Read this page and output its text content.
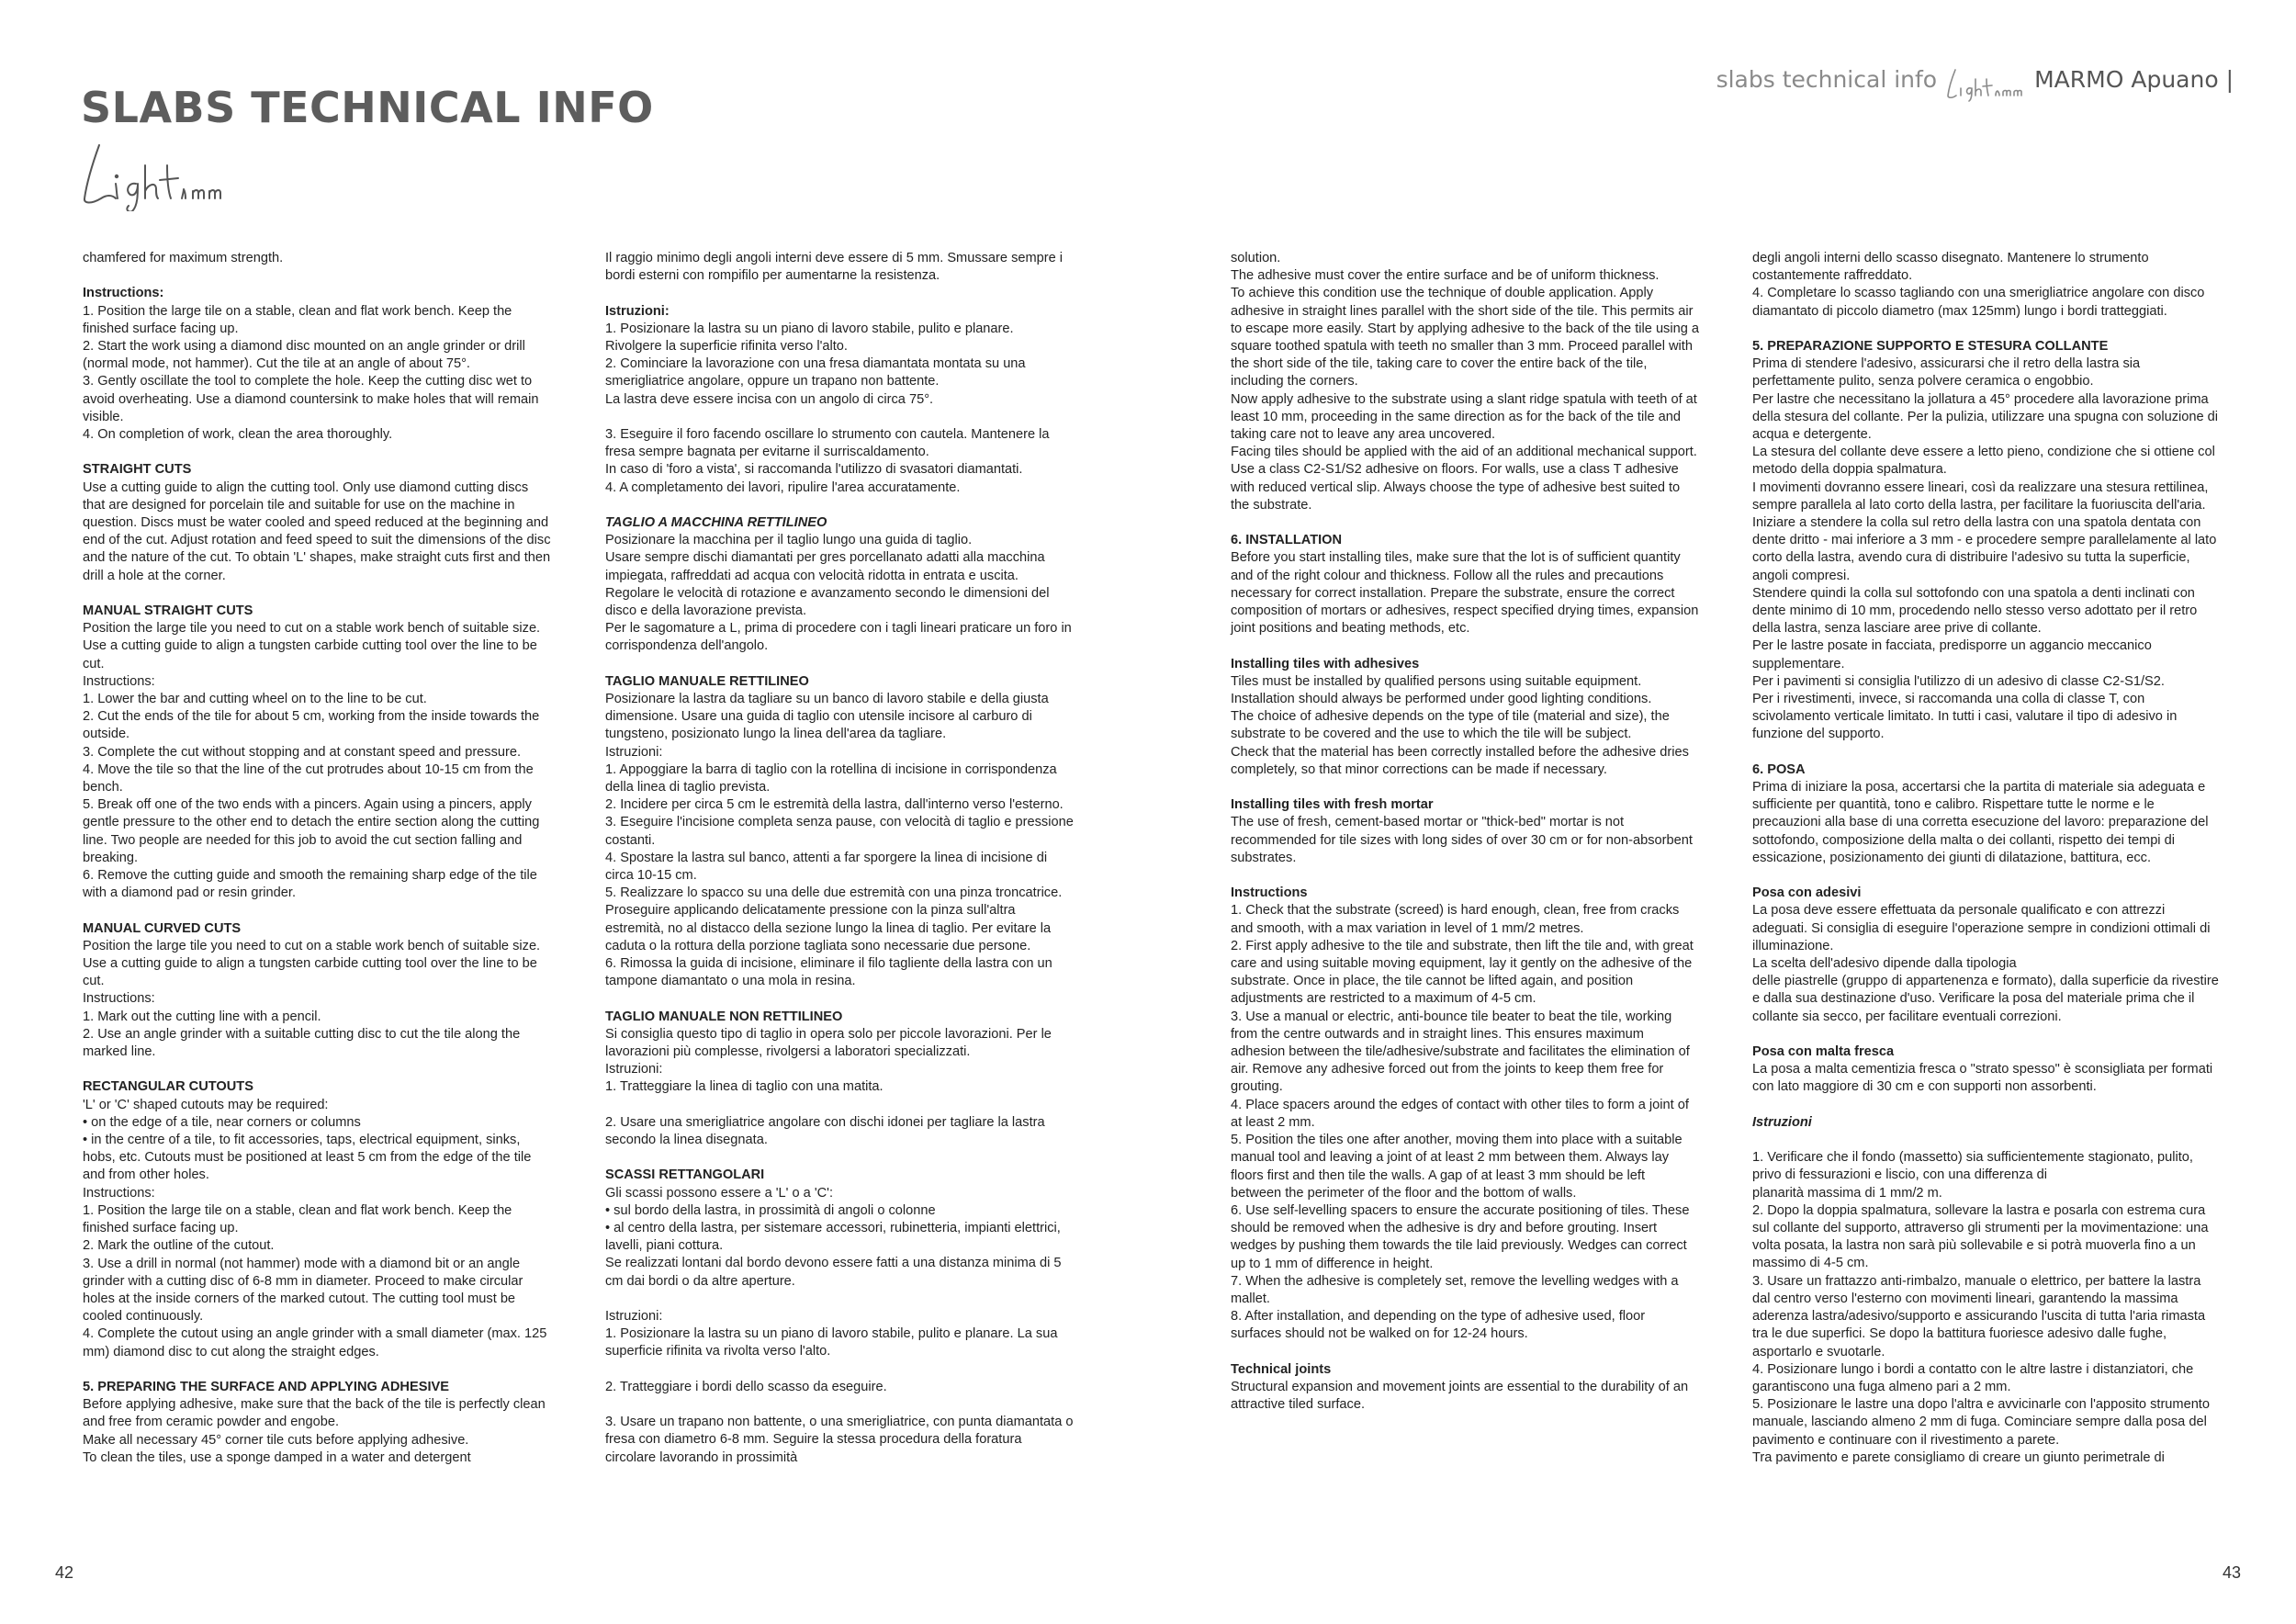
SLABS TECHNICAL INFO
slabs technical info	MARMO Apuano |

chamfered for maximum strength.

Instructions:
1. Position the large tile on a stable, clean and flat work bench. Keep the finished surface facing up.
2. Start the work using a diamond disc mounted on an angle grinder or drill (normal mode, not hammer). Cut the tile at an angle of about 75°.
3. Gently oscillate the tool to complete the hole. Keep the cutting disc wet to avoid overheating. Use a diamond countersink to make holes that will remain visible.
4. On completion of work, clean the area thoroughly.

STRAIGHT CUTS
Use a cutting guide to align the cutting tool. Only use diamond cutting discs that are designed for porcelain tile and suitable for use on the machine in question. Discs must be water cooled and speed reduced at the beginning and end of the cut. Adjust rotation and feed speed to suit the dimensions of the disc and the nature of the cut. To obtain 'L' shapes, make straight cuts first and then drill a hole at the corner.

MANUAL STRAIGHT CUTS
Position the large tile you need to cut on a stable work bench of suitable size.
Use a cutting guide to align a tungsten carbide cutting tool over the line to be cut.
Instructions:
1. Lower the bar and cutting wheel on to the line to be cut.
2. Cut the ends of the tile for about 5 cm, working from the inside towards the outside.
3. Complete the cut without stopping and at constant speed and pressure.
4. Move the tile so that the line of the cut protrudes about 10-15 cm from the bench.
5. Break off one of the two ends with a pincers. Again using a pincers, apply gentle pressure to the other end to detach the entire section along the cutting line. Two people are needed for this job to avoid the cut section falling and breaking.
6. Remove the cutting guide and smooth the remaining sharp edge of the tile with a diamond pad or resin grinder.

MANUAL CURVED CUTS
Position the large tile you need to cut on a stable work bench of suitable size.
Use a cutting guide to align a tungsten carbide cutting tool over the line to be cut.
Instructions:
1. Mark out the cutting line with a pencil.
2. Use an angle grinder with a suitable cutting disc to cut the tile along the marked line.

RECTANGULAR CUTOUTS
'L' or 'C' shaped cutouts may be required:
• on the edge of a tile, near corners or columns
• in the centre of a tile, to fit accessories, taps, electrical equipment, sinks, hobs, etc. Cutouts must be positioned at least 5 cm from the edge of the tile and from other holes.
Instructions:
1. Position the large tile on a stable, clean and flat work bench. Keep the finished surface facing up.
2. Mark the outline of the cutout.
3. Use a drill in normal (not hammer) mode with a diamond bit or an angle grinder with a cutting disc of 6-8 mm in diameter. Proceed to make circular holes at the inside corners of the marked cutout. The cutting tool must be cooled continuously.
4. Complete the cutout using an angle grinder with a small diameter (max. 125 mm) diamond disc to cut along the straight edges.

5. PREPARING THE SURFACE AND APPLYING ADHESIVE
Before applying adhesive, make sure that the back of the tile is perfectly clean and free from ceramic powder and engobe.
Make all necessary 45° corner tile cuts before applying adhesive.
To clean the tiles, use a sponge damped in a water and detergent

Il raggio minimo degli angoli interni deve essere di 5 mm. Smussare sempre i bordi esterni con rompifilo per aumentarne la resistenza.

Istruzioni:
1. Posizionare la lastra su un piano di lavoro stabile, pulito e planare. Rivolgere la superficie rifinita verso l'alto.
2. Cominciare la lavorazione con una fresa diamantata montata su una smerigliatrice angolare, oppure un trapano non battente.
La lastra deve essere incisa con un angolo di circa 75°.

3. Eseguire il foro facendo oscillare lo strumento con cautela. Mantenere la fresa sempre bagnata per evitarne il surriscaldamento.
In caso di 'foro a vista', si raccomanda l'utilizzo di svasatori diamantati.
4. A completamento dei lavori, ripulire l'area accuratamente.

TAGLIO A MACCHINA RETTILINEO
Posizionare la macchina per il taglio lungo una guida di taglio.
Usare sempre dischi diamantati per gres porcellanato adatti alla macchina impiegata, raffreddati ad acqua con velocità ridotta in entrata e uscita.
Regolare le velocità di rotazione e avanzamento secondo le dimensioni del disco e della lavorazione prevista.
Per le sagomature a L, prima di procedere con i tagli lineari praticare un foro in corrispondenza dell'angolo.

TAGLIO MANUALE RETTILINEO
Posizionare la lastra da tagliare su un banco di lavoro stabile e della giusta dimensione. Usare una guida di taglio con utensile incisore al carburo di tungsteno, posizionato lungo la linea dell'area da tagliare.
Istruzioni:
1. Appoggiare la barra di taglio con la rotellina di incisione in corrispondenza della linea di taglio prevista.
2. Incidere per circa 5 cm le estremità della lastra, dall'interno verso l'esterno.
3. Eseguire l'incisione completa senza pause, con velocità di taglio e pressione costanti.
4. Spostare la lastra sul banco, attenti a far sporgere la linea di incisione di circa 10-15 cm.
5. Realizzare lo spacco su una delle due estremità con una pinza troncatrice. Proseguire applicando delicatamente pressione con la pinza sull'altra estremità, no al distacco della sezione lungo la linea di taglio. Per evitare la caduta o la rottura della porzione tagliata sono necessarie due persone.
6. Rimossa la guida di incisione, eliminare il filo tagliente della lastra con un tampone diamantato o una mola in resina.

TAGLIO MANUALE NON RETTILINEO
Si consiglia questo tipo di taglio in opera solo per piccole lavorazioni. Per le lavorazioni più complesse, rivolgersi a laboratori specializzati.
Istruzioni:
1. Tratteggiare la linea di taglio con una matita.

2. Usare una smerigliatrice angolare con dischi idonei per tagliare la lastra secondo la linea disegnata.

SCASSI RETTANGOLARI
Gli scassi possono essere a 'L' o a 'C':
• sul bordo della lastra, in prossimità di angoli o colonne
• al centro della lastra, per sistemare accessori, rubinetteria, impianti elettrici, lavelli, piani cottura.
Se realizzati lontani dal bordo devono essere fatti a una distanza minima di 5 cm dai bordi o da altre aperture.

Istruzioni:
1. Posizionare la lastra su un piano di lavoro stabile, pulito e planare. La sua superficie rifinita va rivolta verso l'alto.

2. Tratteggiare i bordi dello scasso da eseguire.

3. Usare un trapano non battente, o una smerigliatrice, con punta diamantata o fresa con diametro 6-8 mm. Seguire la stessa procedura della foratura circolare lavorando in prossimità

solution.
The adhesive must cover the entire surface and be of uniform thickness.
To achieve this condition use the technique of double application. Apply adhesive in straight lines parallel with the short side of the tile. This permits air to escape more easily. Start by applying adhesive to the back of the tile using a square toothed spatula with teeth no smaller than 3 mm. Proceed parallel with the short side of the tile, taking care to cover the entire back of the tile, including the corners.
Now apply adhesive to the substrate using a slant ridge spatula with teeth of at least 10 mm, proceeding in the same direction as for the back of the tile and taking care not to leave any area uncovered.
Facing tiles should be applied with the aid of an additional mechanical support.
Use a class C2-S1/S2 adhesive on floors. For walls, use a class T adhesive with reduced vertical slip. Always choose the type of adhesive best suited to the substrate.

6. INSTALLATION
Before you start installing tiles, make sure that the lot is of sufficient quantity and of the right colour and thickness. Follow all the rules and precautions necessary for correct installation. Prepare the substrate, ensure the correct composition of mortars or adhesives, respect specified drying times, expansion joint positions and beating methods, etc.

Installing tiles with adhesives
Tiles must be installed by qualified persons using suitable equipment. Installation should always be performed under good lighting conditions.
The choice of adhesive depends on the type of tile (material and size), the substrate to be covered and the use to which the tile will be subject.
Check that the material has been correctly installed before the adhesive dries completely, so that minor corrections can be made if necessary.

Installing tiles with fresh mortar
The use of fresh, cement-based mortar or "thick-bed" mortar is not recommended for tile sizes with long sides of over 30 cm or for non-absorbent substrates.

Instructions
1. Check that the substrate (screed) is hard enough, clean, free from cracks and smooth, with a max variation in level of 1 mm/2 metres.
2. First apply adhesive to the tile and substrate, then lift the tile and, with great care and using suitable moving equipment, lay it gently on the adhesive of the substrate. Once in place, the tile cannot be lifted again, and position adjustments are restricted to a maximum of 4-5 cm.
3. Use a manual or electric, anti-bounce tile beater to beat the tile, working from the centre outwards and in straight lines. This ensures maximum adhesion between the tile/adhesive/substrate and facilitates the elimination of air. Remove any adhesive forced out from the joints to keep them free for grouting.
4. Place spacers around the edges of contact with other tiles to form a joint of at least 2 mm.
5. Position the tiles one after another, moving them into place with a suitable manual tool and leaving a joint of at least 2 mm between them. Always lay floors first and then tile the walls. A gap of at least 3 mm should be left between the perimeter of the floor and the bottom of walls.
6. Use self-levelling spacers to ensure the accurate positioning of tiles. These should be removed when the adhesive is dry and before grouting. Insert wedges by pushing them towards the tile laid previously. Wedges can correct up to 1 mm of difference in height.
7. When the adhesive is completely set, remove the levelling wedges with a mallet.
8. After installation, and depending on the type of adhesive used, floor surfaces should not be walked on for 12-24 hours.

Technical joints
Structural expansion and movement joints are essential to the durability of an attractive tiled surface.

degli angoli interni dello scasso disegnato. Mantenere lo strumento costantemente raffreddato.
4. Completare lo scasso tagliando con una smerigliatrice angolare con disco diamantato di piccolo diametro (max 125mm) lungo i bordi tratteggiati.

5. PREPARAZIONE SUPPORTO E STESURA COLLANTE
Prima di stendere l'adesivo, assicurarsi che il retro della lastra sia perfettamente pulito, senza polvere ceramica o engobbio.
Per lastre che necessitano la jollatura a 45° procedere alla lavorazione prima della stesura del collante. Per la pulizia, utilizzare una spugna con soluzione di acqua e detergente.
La stesura del collante deve essere a letto pieno, condizione che si ottiene col metodo della doppia spalmatura.
I movimenti dovranno essere lineari, così da realizzare una stesura rettilinea, sempre parallela al lato corto della lastra, per facilitare la fuoriuscita dell'aria.
Iniziare a stendere la colla sul retro della lastra con una spatola dentata con dente dritto - mai inferiore a 3 mm - e procedere sempre parallelamente al lato corto della lastra, avendo cura di distribuire l'adesivo su tutta la superficie, angoli compresi.
Stendere quindi la colla sul sottofondo con una spatola a denti inclinati con dente minimo di 10 mm, procedendo nello stesso verso adottato per il retro della lastra, senza lasciare aree prive di collante.
Per le lastre posate in facciata, predisporre un aggancio meccanico supplementare.
Per i pavimenti si consiglia l'utilizzo di un adesivo di classe C2-S1/S2.
Per i rivestimenti, invece, si raccomanda una colla di classe T, con scivolamento verticale limitato. In tutti i casi, valutare il tipo di adesivo in funzione del supporto.

6. POSA
Prima di iniziare la posa, accertarsi che la partita di materiale sia adeguata e sufficiente per quantità, tono e calibro. Rispettare tutte le norme e le precauzioni alla base di una corretta esecuzione del lavoro: preparazione del sottofondo, composizione della malta o dei collanti, rispetto dei tempi di essicazione, posizionamento dei giunti di dilatazione, battitura, ecc.

Posa con adesivi
La posa deve essere effettuata da personale qualificato e con attrezzi adeguati. Si consiglia di eseguire l'operazione sempre in condizioni ottimali di illuminazione.
La scelta dell'adesivo dipende dalla tipologia
delle piastrelle (gruppo di appartenenza e formato), dalla superficie da rivestire e dalla sua destinazione d'uso. Verificare la posa del materiale prima che il collante sia secco, per facilitare eventuali correzioni.

Posa con malta fresca
La posa a malta cementizia fresca o "strato spesso" è sconsigliata per formati con lato maggiore di 30 cm e con supporti non assorbenti.

Istruzioni

1. Verificare che il fondo (massetto) sia sufficientemente stagionato, pulito, privo di fessurazioni e liscio, con una differenza di
planarità massima di 1 mm/2 m.
2. Dopo la doppia spalmatura, sollevare la lastra e posarla con estrema cura sul collante del supporto, attraverso gli strumenti per la movimentazione: una volta posata, la lastra non sarà più sollevabile e si potrà muoverla fino a un massimo di 4-5 cm.
3. Usare un frattazzo anti-rimbalzo, manuale o elettrico, per battere la lastra dal centro verso l'esterno con movimenti lineari, garantendo la massima aderenza lastra/adesivo/supporto e assicurando l'uscita di tutta l'aria rimasta tra le due superfici. Se dopo la battitura fuoriesce adesivo dalle fughe, asportarlo e svuotarle.
4. Posizionare lungo i bordi a contatto con le altre lastre i distanziatori, che garantiscono una fuga almeno pari a 2 mm.
5. Posizionare le lastre una dopo l'altra e avvicinarle con l'apposito strumento manuale, lasciando almeno 2 mm di fuga. Cominciare sempre dalla posa del pavimento e continuare con il rivestimento a parete.
Tra pavimento e parete consigliamo di creare un giunto perimetrale di

42	43
